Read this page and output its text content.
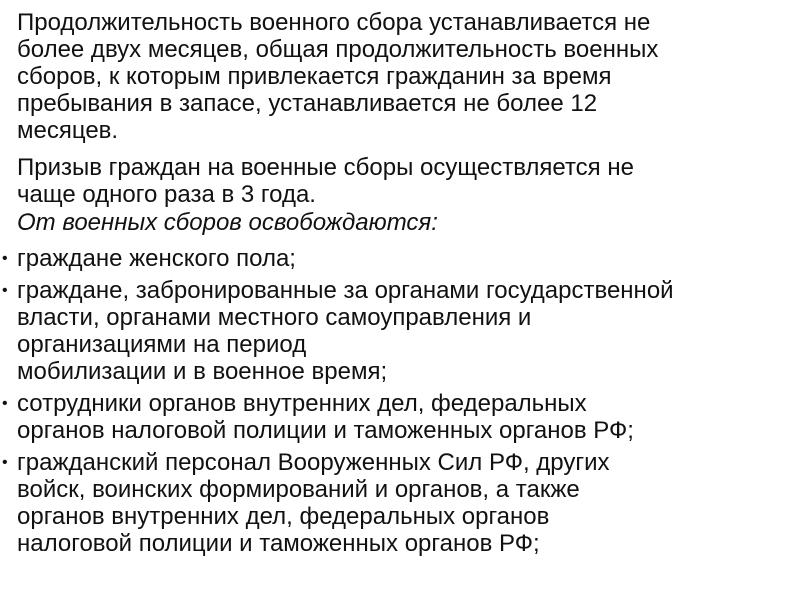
Продолжительность военного сбора устанавливается не
более двух месяцев, общая продолжительность военных
сборов, к которым привлекается гражданин за время
пребывания в запасе, устанавливается не более 12
месяцев.

Призыв граждан на военные сборы осуществляется не
чаще одного раза в 3 года.

От военных сборов освобождаются:

• граждане женского пола;
• граждане, забронированные за органами государственной
власти, органами местного самоуправления и
организациями на период
мобилизации и в военное время;
• сотрудники органов внутренних дел, федеральных
органов налоговой полиции и таможенных органов РФ;
• гражданский персонал Вооруженных Сил РФ, других
войск, воинских формирований и органов, а также
органов внутренних дел, федеральных органов
налоговой полиции и таможенных органов РФ;
